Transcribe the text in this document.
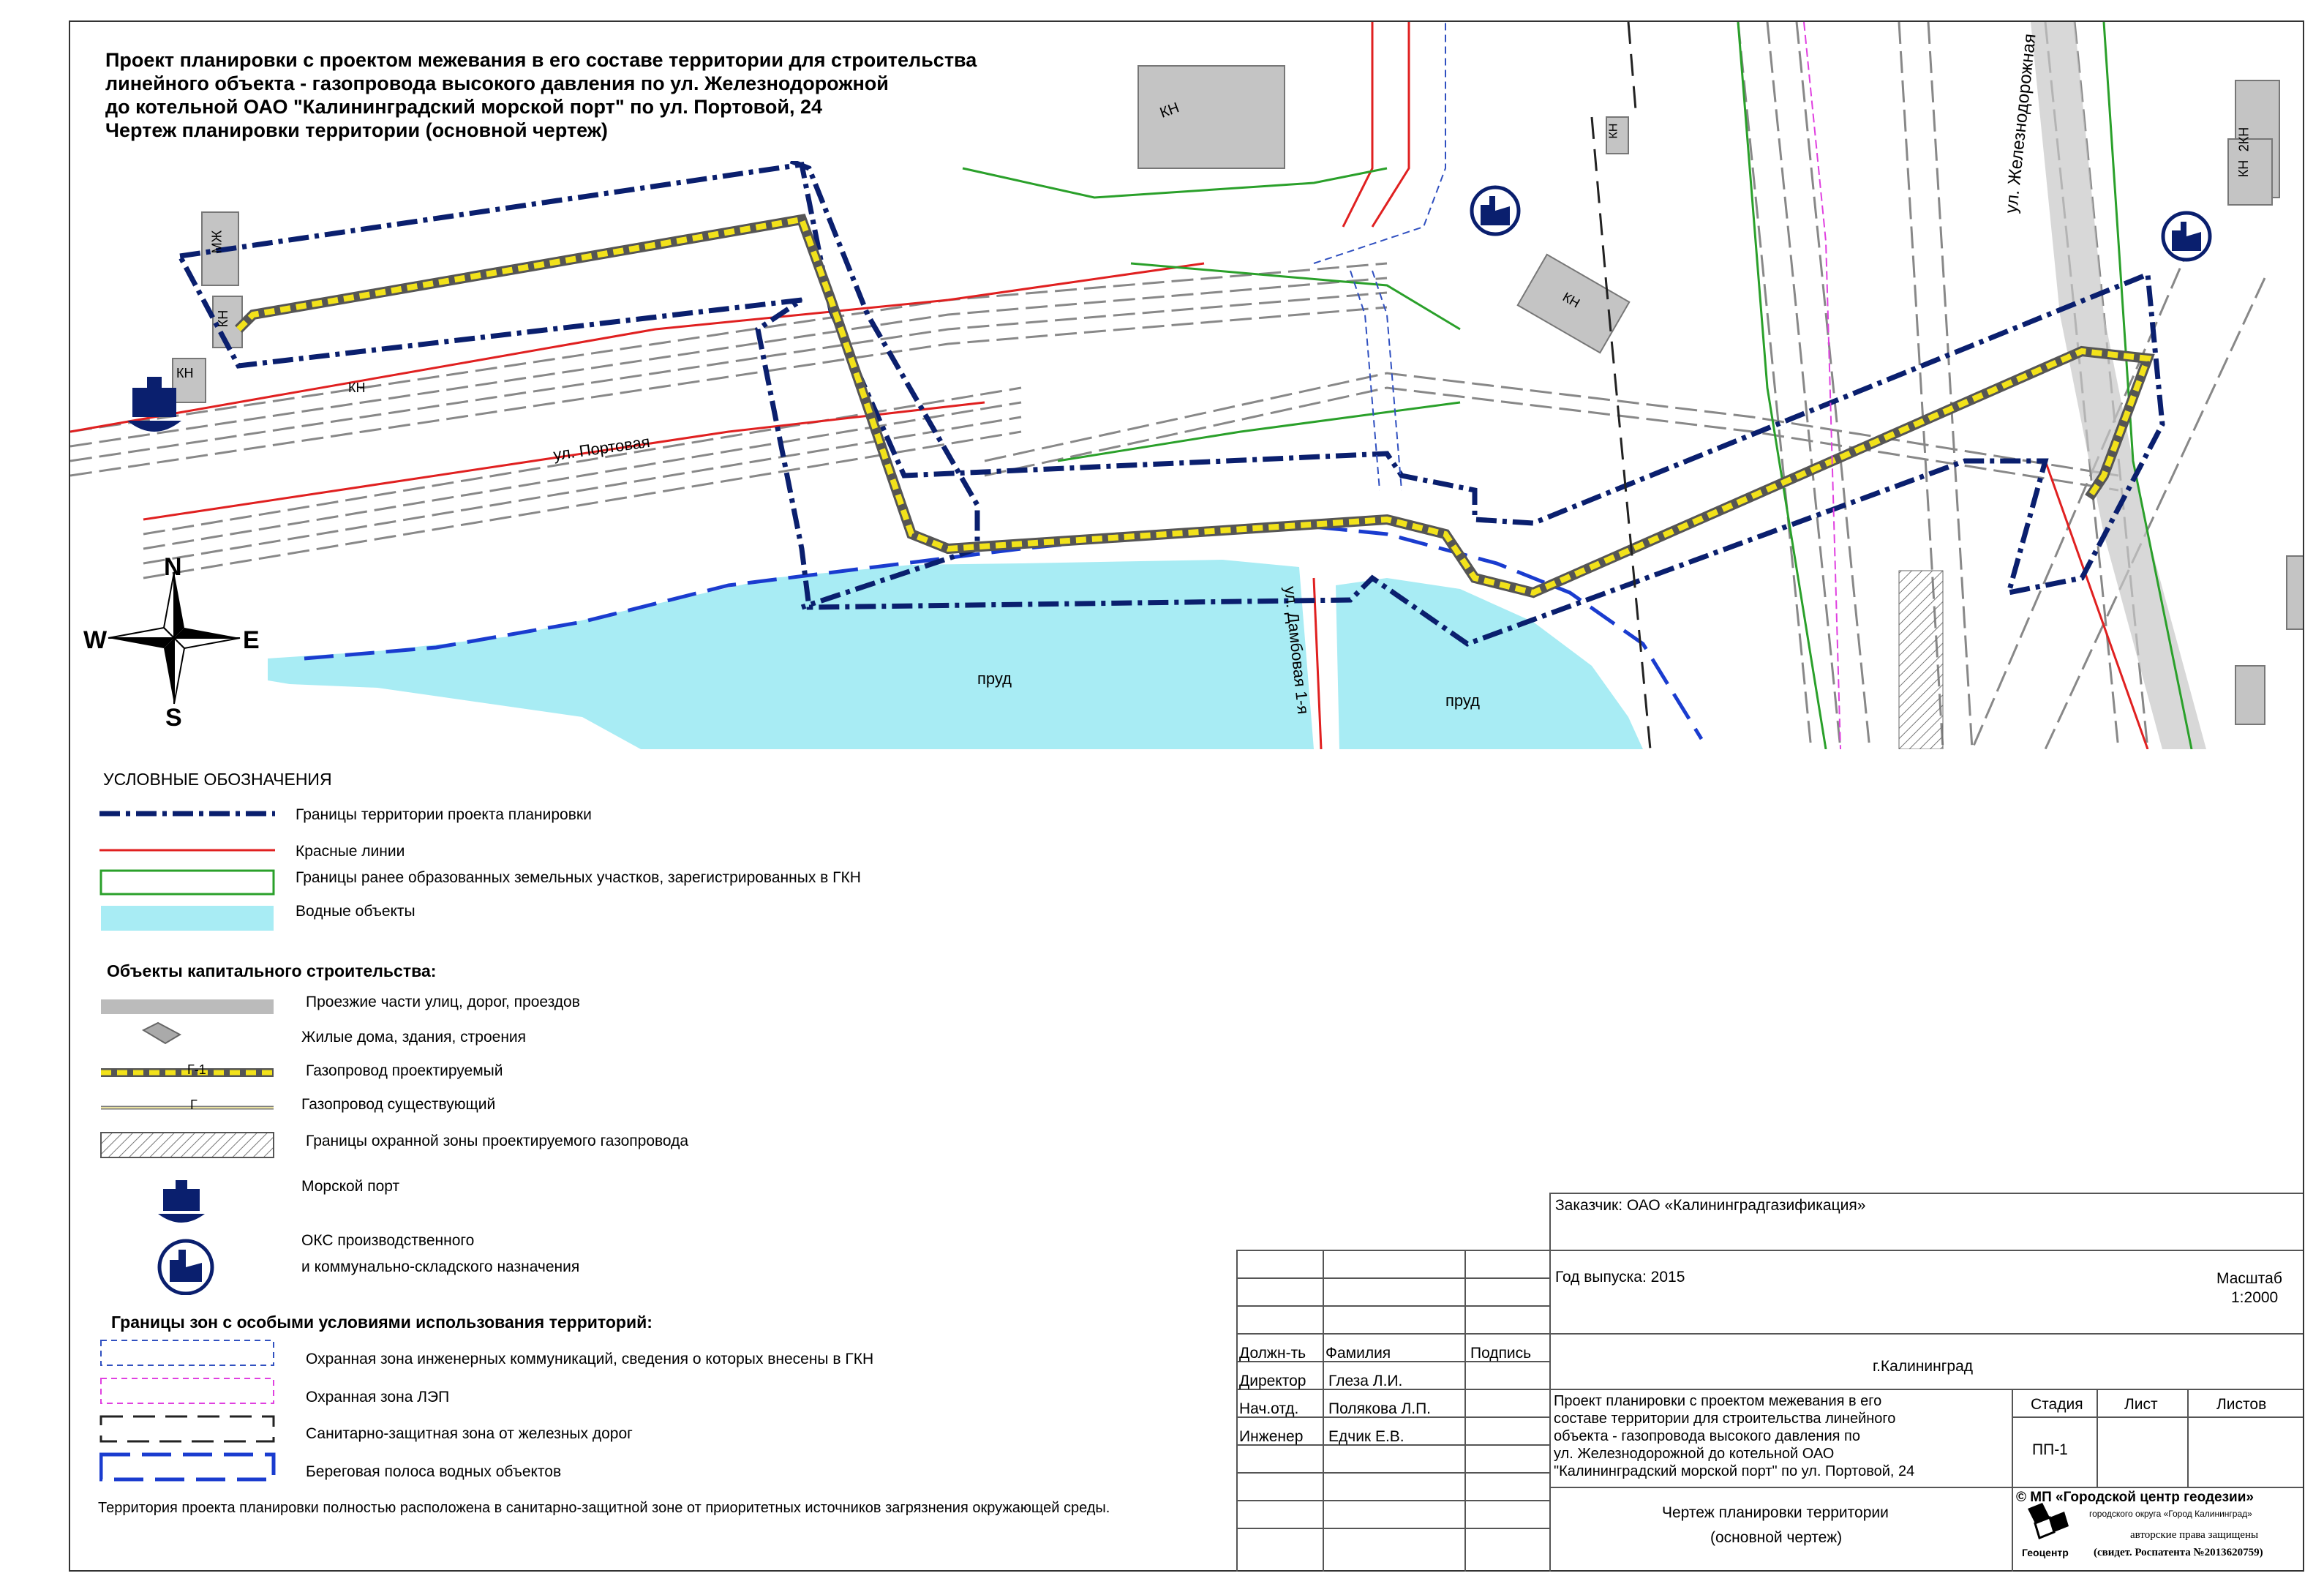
N
S
W	E
ул. Портовая
ул. Железнодорожная
ул. Дамбовая 1-я
пруд
пруд
КН
МЖ
КН
КН
КН
КН
КН
КН
2КН
Проект планировки с проектом межевания в его составе территории для строительства
линейного объекта - газопровода высокого давления по ул. Железнодорожной
до котельной ОАО "Калининградский морской порт" по ул. Портовой, 24
Чертеж планировки территории (основной чертеж)
УСЛОВНЫЕ ОБОЗНАЧЕНИЯ
Г-1
Г
Границы территории проекта планировки
Красные линии
Границы ранее образованных земельных участков, зарегистрированных в ГКН
Водные объекты
Объекты капитального строительства:
Проезжие части улиц, дорог, проездов
Жилые дома, здания, строения
Газопровод проектируемый
Газопровод существующий
Границы охранной зоны проектируемого газопровода
Морской порт
ОКС производственного
и коммунально-складского назначения
Границы зон с особыми условиями использования территорий:
Охранная зона инженерных коммуникаций, сведения о которых внесены в ГКН
Охранная зона ЛЭП
Санитарно-защитная зона от железных дорог
Береговая полоса водных объектов
Территория проекта планировки полностью расположена в санитарно-защитной зоне от приоритетных источников загрязнения окружающей среды.
Заказчик: ОАО «Калининградгазификация»
Год выпуска: 2015	Масштаб
1:2000
г.Калининград
Должн-ть Фамилия	Подпись
Директор Глеза Л.И.
Нач.отд. Полякова Л.П.
Инженер Едчик Е.В.
Проект планировки с проектом межевания в его
составе территории для строительства линейного
объекта - газопровода высокого давления по
ул. Железнодорожной до котельной ОАО
"Калининградский морской порт" по ул. Портовой, 24
Стадия	Лист	Листов
ПП-1
Чертеж планировки территории
(основной чертеж)
© МП «Городской центр геодезии»
городского округа «Город Калининград»
Геоцентр
авторские права защищены
(свидет. Роспатента №2013620759)
